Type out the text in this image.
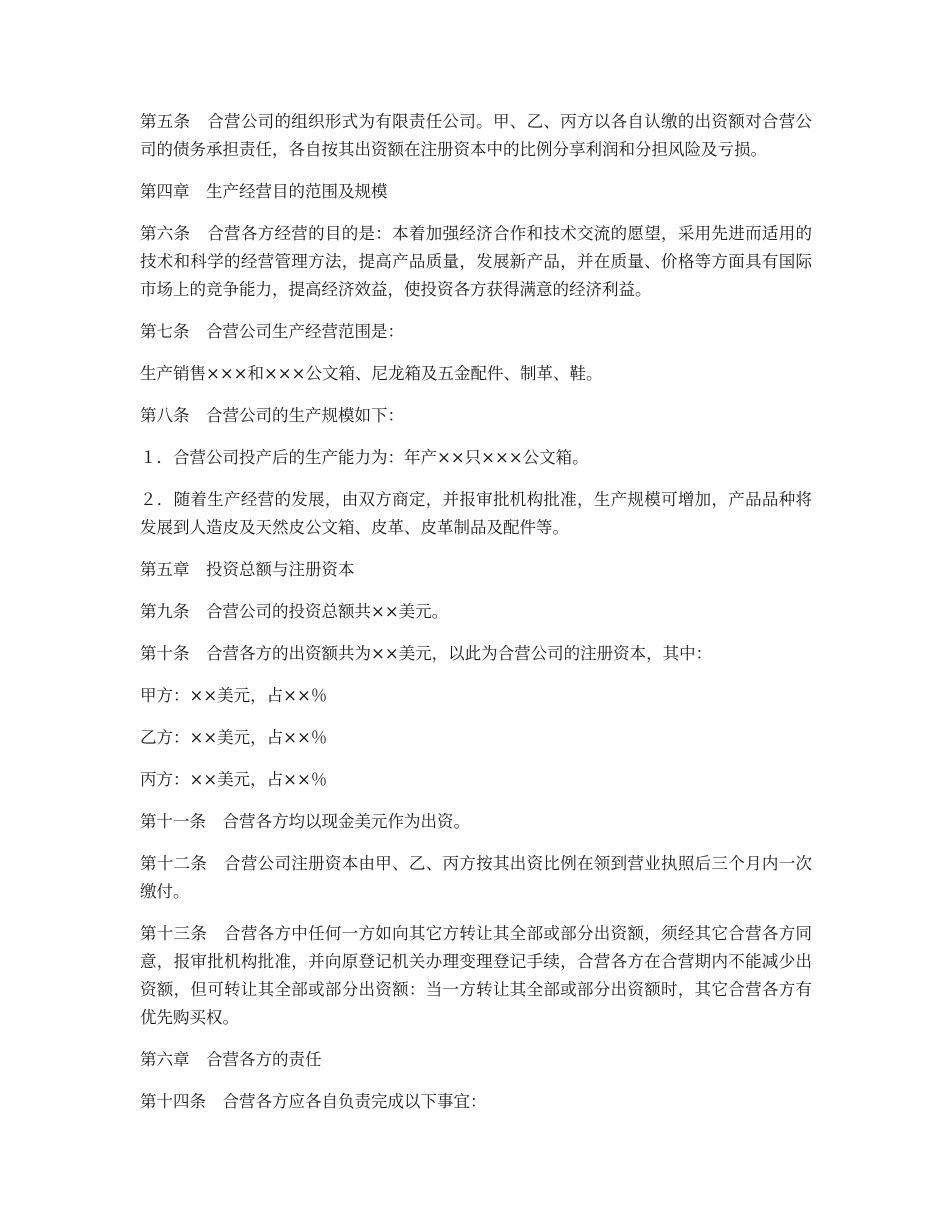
第五条　合营公司的组织形式为有限责任公司。甲、乙、丙方以各自认缴的出资额对合营公司的债务承担责任，各自按其出资额在注册资本中的比例分享利润和分担风险及亏损。

第四章　生产经营目的范围及规模

第六条　合营各方经营的目的是：本着加强经济合作和技术交流的愿望，采用先进而适用的技术和科学的经营管理方法，提高产品质量，发展新产品，并在质量、价格等方面具有国际市场上的竞争能力，提高经济效益，使投资各方获得满意的经济利益。

第七条　合营公司生产经营范围是：

生产销售×××和×××公文箱、尼龙箱及五金配件、制革、鞋。

第八条　合营公司的生产规模如下：

１．合营公司投产后的生产能力为：年产××只×××公文箱。

２．随着生产经营的发展，由双方商定，并报审批机构批准，生产规模可增加，产品品种将发展到人造皮及天然皮公文箱、皮革、皮革制品及配件等。

第五章　投资总额与注册资本

第九条　合营公司的投资总额共××美元。

第十条　合营各方的出资额共为××美元，以此为合营公司的注册资本，其中：

甲方：××美元，占××％

乙方：××美元，占××％

丙方：××美元，占××％

第十一条　合营各方均以现金美元作为出资。

第十二条　合营公司注册资本由甲、乙、丙方按其出资比例在领到营业执照后三个月内一次缴付。

第十三条　合营各方中任何一方如向其它方转让其全部或部分出资额，须经其它合营各方同意，报审批机构批准，并向原登记机关办理变理登记手续，合营各方在合营期内不能减少出资额，但可转让其全部或部分出资额：当一方转让其全部或部分出资额时，其它合营各方有优先购买权。

第六章　合营各方的责任

第十四条　合营各方应各自负责完成以下事宜：
